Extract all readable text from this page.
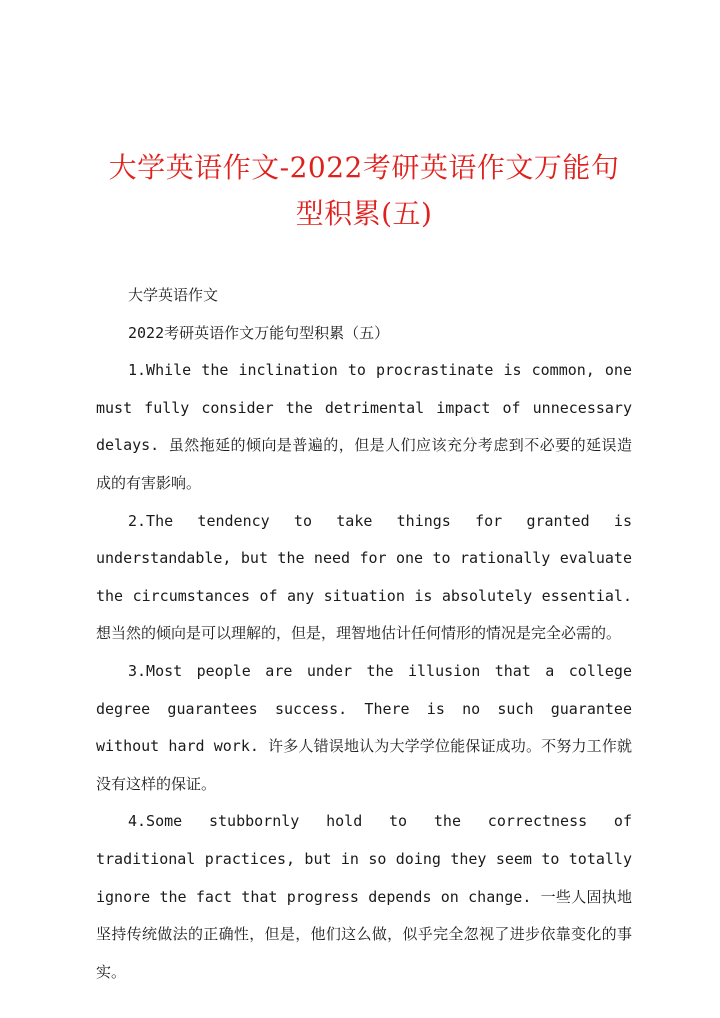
大学英语作文-2022考研英语作文万能句型积累(五)

大学英语作文

2022考研英语作文万能句型积累（五）

1.While the inclination to procrastinate is common, one must fully consider the detrimental impact of unnecessary delays. 虽然拖延的倾向是普遍的，但是人们应该充分考虑到不必要的延误造成的有害影响。

2.The tendency to take things for granted is understandable, but the need for one to rationally evaluate the circumstances of any situation is absolutely essential. 想当然的倾向是可以理解的，但是，理智地估计任何情形的情况是完全必需的。

3.Most people are under the illusion that a college degree guarantees success. There is no such guarantee without hard work. 许多人错误地认为大学学位能保证成功。不努力工作就没有这样的保证。

4.Some stubbornly hold to the correctness of traditional practices, but in so doing they seem to totally ignore the fact that progress depends on change. 一些人固执地坚持传统做法的正确性，但是，他们这么做，似乎完全忽视了进步依靠变化的事实。
